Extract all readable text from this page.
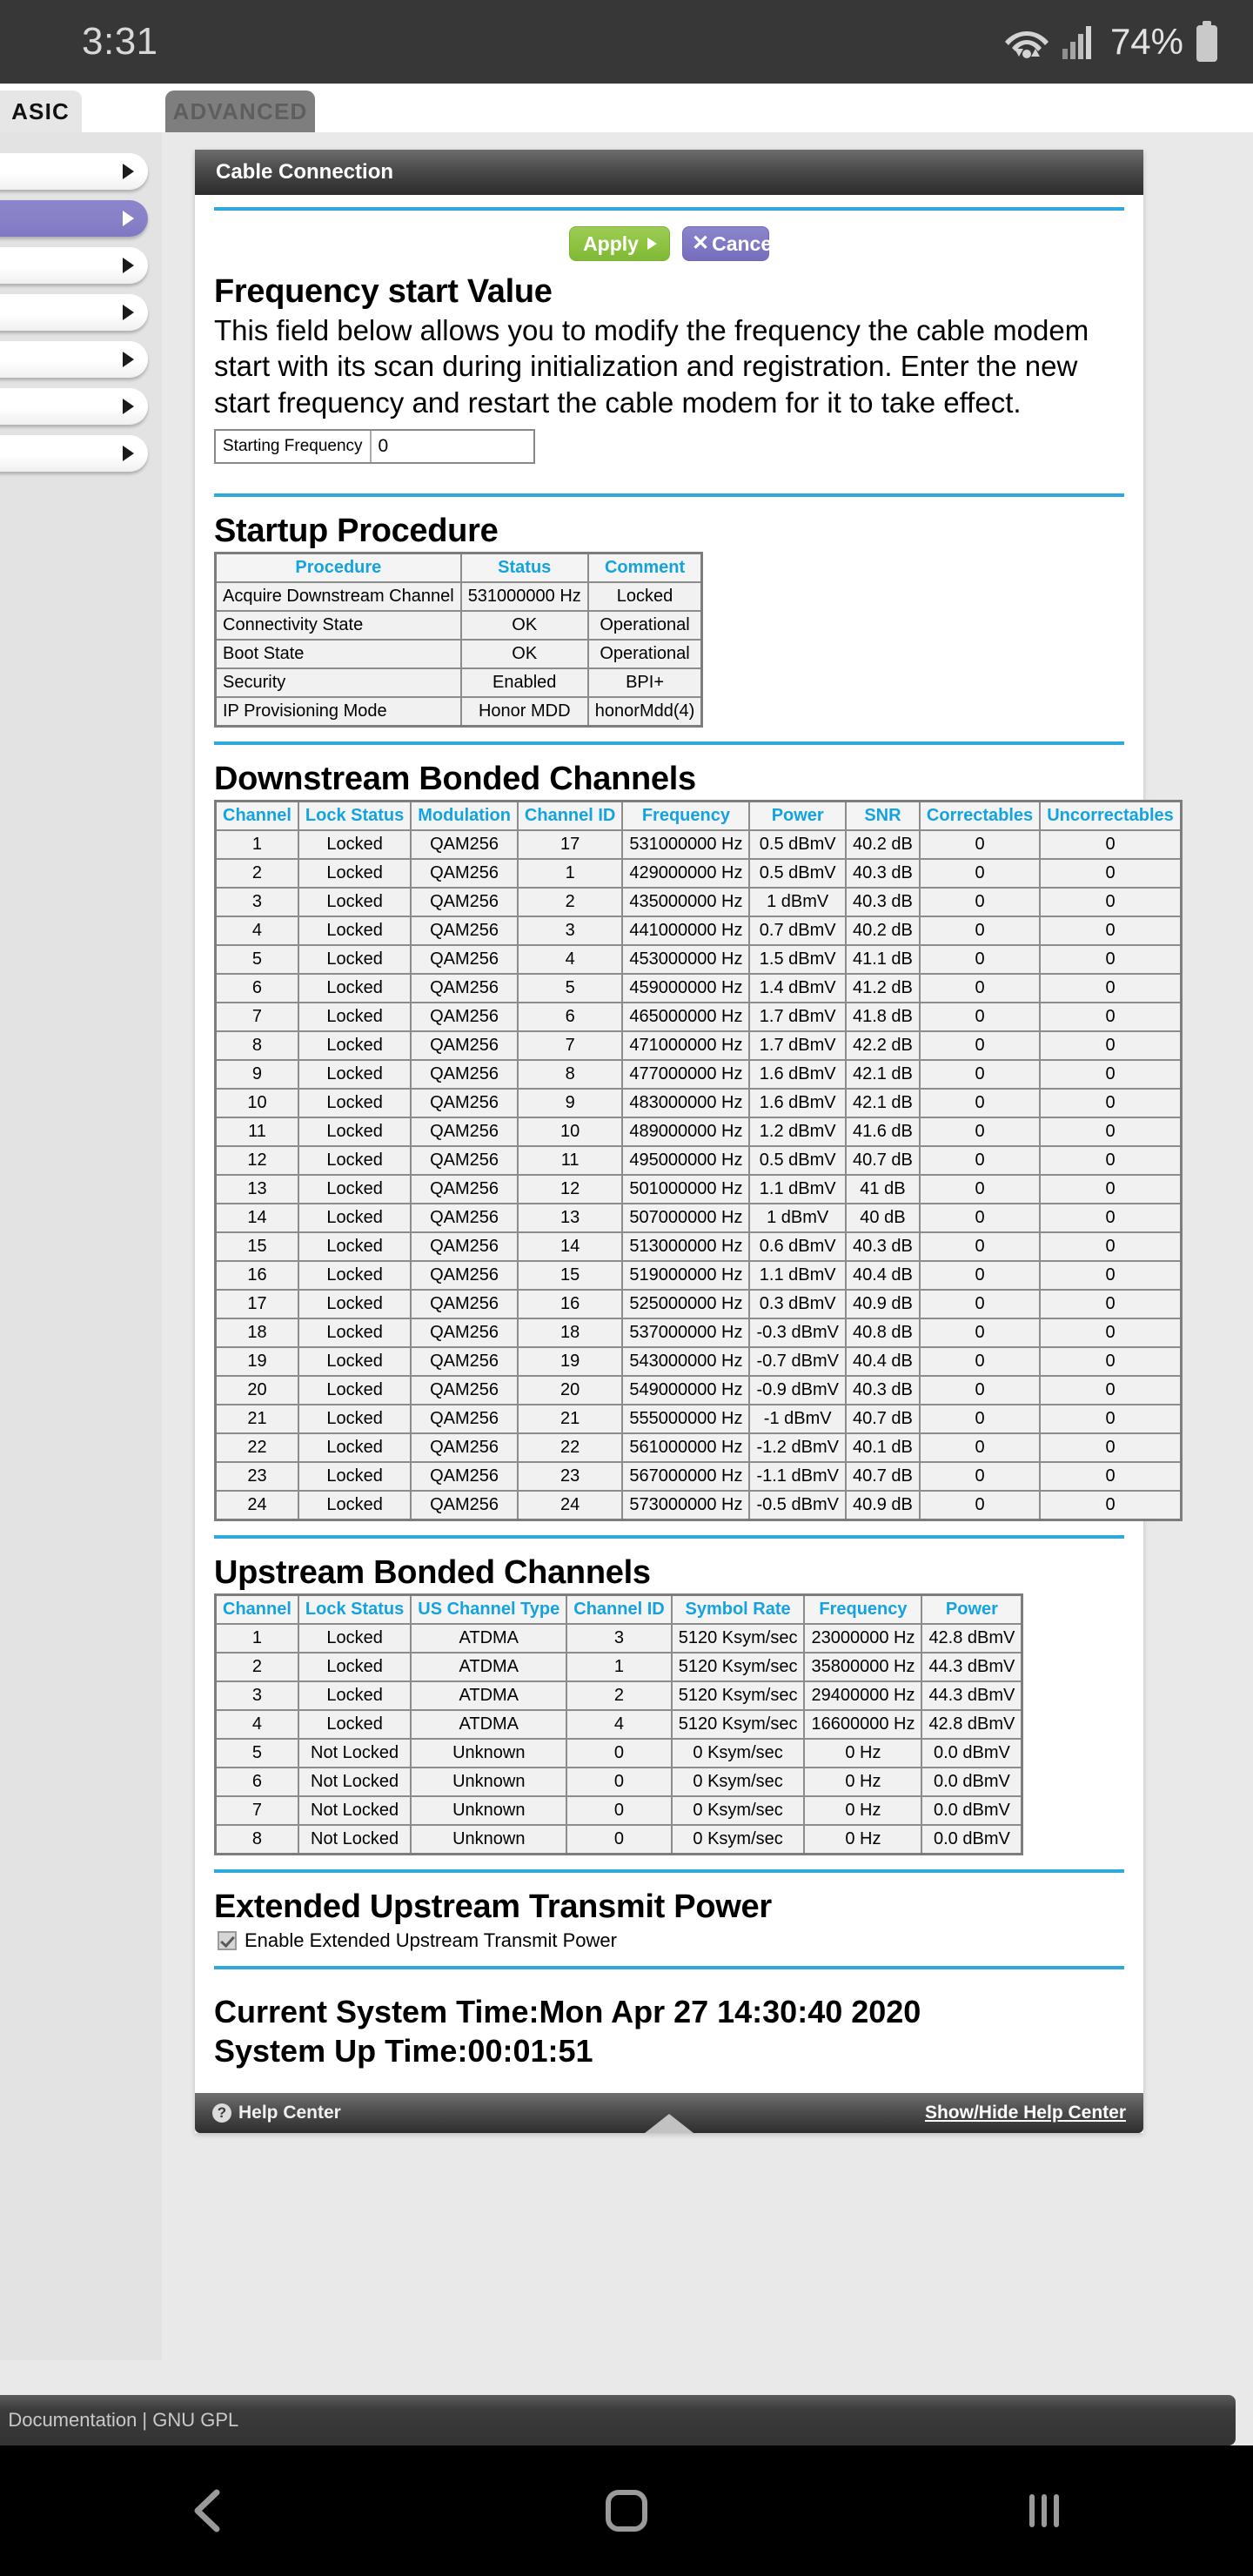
3:31	74%
ASIC	ADVANCED
Cable Connection
Apply	✕ Cancel
Frequency start Value

This field below allows you to modify the frequency the cable modem start with its scan during initialization and registration. Enter the new start frequency and restart the cable modem for it to take effect.

Starting Frequency
0
Startup Procedure
Procedure	Status	Comment
Acquire Downstream Channel	531000000 Hz	Locked
Connectivity State	OK	Operational
Boot State	OK	Operational
Security	Enabled	BPI+
IP Provisioning Mode	Honor MDD	honorMdd(4)
Downstream Bonded Channels
Channel	Lock Status	Modulation	Channel ID	Frequency	Power	SNR	Correctables	Uncorrectables
1	Locked	QAM256	17	531000000 Hz	0.5 dBmV	40.2 dB	0	0
2	Locked	QAM256	1	429000000 Hz	0.5 dBmV	40.3 dB	0	0
3	Locked	QAM256	2	435000000 Hz	1 dBmV	40.3 dB	0	0
4	Locked	QAM256	3	441000000 Hz	0.7 dBmV	40.2 dB	0	0
5	Locked	QAM256	4	453000000 Hz	1.5 dBmV	41.1 dB	0	0
6	Locked	QAM256	5	459000000 Hz	1.4 dBmV	41.2 dB	0	0
7	Locked	QAM256	6	465000000 Hz	1.7 dBmV	41.8 dB	0	0
8	Locked	QAM256	7	471000000 Hz	1.7 dBmV	42.2 dB	0	0
9	Locked	QAM256	8	477000000 Hz	1.6 dBmV	42.1 dB	0	0
10	Locked	QAM256	9	483000000 Hz	1.6 dBmV	42.1 dB	0	0
11	Locked	QAM256	10	489000000 Hz	1.2 dBmV	41.6 dB	0	0
12	Locked	QAM256	11	495000000 Hz	0.5 dBmV	40.7 dB	0	0
13	Locked	QAM256	12	501000000 Hz	1.1 dBmV	41 dB	0	0
14	Locked	QAM256	13	507000000 Hz	1 dBmV	40 dB	0	0
15	Locked	QAM256	14	513000000 Hz	0.6 dBmV	40.3 dB	0	0
16	Locked	QAM256	15	519000000 Hz	1.1 dBmV	40.4 dB	0	0
17	Locked	QAM256	16	525000000 Hz	0.3 dBmV	40.9 dB	0	0
18	Locked	QAM256	18	537000000 Hz	-0.3 dBmV	40.8 dB	0	0
19	Locked	QAM256	19	543000000 Hz	-0.7 dBmV	40.4 dB	0	0
20	Locked	QAM256	20	549000000 Hz	-0.9 dBmV	40.3 dB	0	0
21	Locked	QAM256	21	555000000 Hz	-1 dBmV	40.7 dB	0	0
22	Locked	QAM256	22	561000000 Hz	-1.2 dBmV	40.1 dB	0	0
23	Locked	QAM256	23	567000000 Hz	-1.1 dBmV	40.7 dB	0	0
24	Locked	QAM256	24	573000000 Hz	-0.5 dBmV	40.9 dB	0	0
Upstream Bonded Channels
Channel	Lock Status	US Channel Type	Channel ID	Symbol Rate	Frequency	Power
1	Locked	ATDMA	3	5120 Ksym/sec	23000000 Hz	42.8 dBmV
2	Locked	ATDMA	1	5120 Ksym/sec	35800000 Hz	44.3 dBmV
3	Locked	ATDMA	2	5120 Ksym/sec	29400000 Hz	44.3 dBmV
4	Locked	ATDMA	4	5120 Ksym/sec	16600000 Hz	42.8 dBmV
5	Not Locked	Unknown	0	0 Ksym/sec	0 Hz	0.0 dBmV
6	Not Locked	Unknown	0	0 Ksym/sec	0 Hz	0.0 dBmV
7	Not Locked	Unknown	0	0 Ksym/sec	0 Hz	0.0 dBmV
8	Not Locked	Unknown	0	0 Ksym/sec	0 Hz	0.0 dBmV
Extended Upstream Transmit Power
Enable Extended Upstream Transmit Power
Current System Time:Mon Apr 27 14:30:40 2020
System Up Time:00:01:51
? Help Center	Show/Hide Help Center
Documentation | GNU GPL
